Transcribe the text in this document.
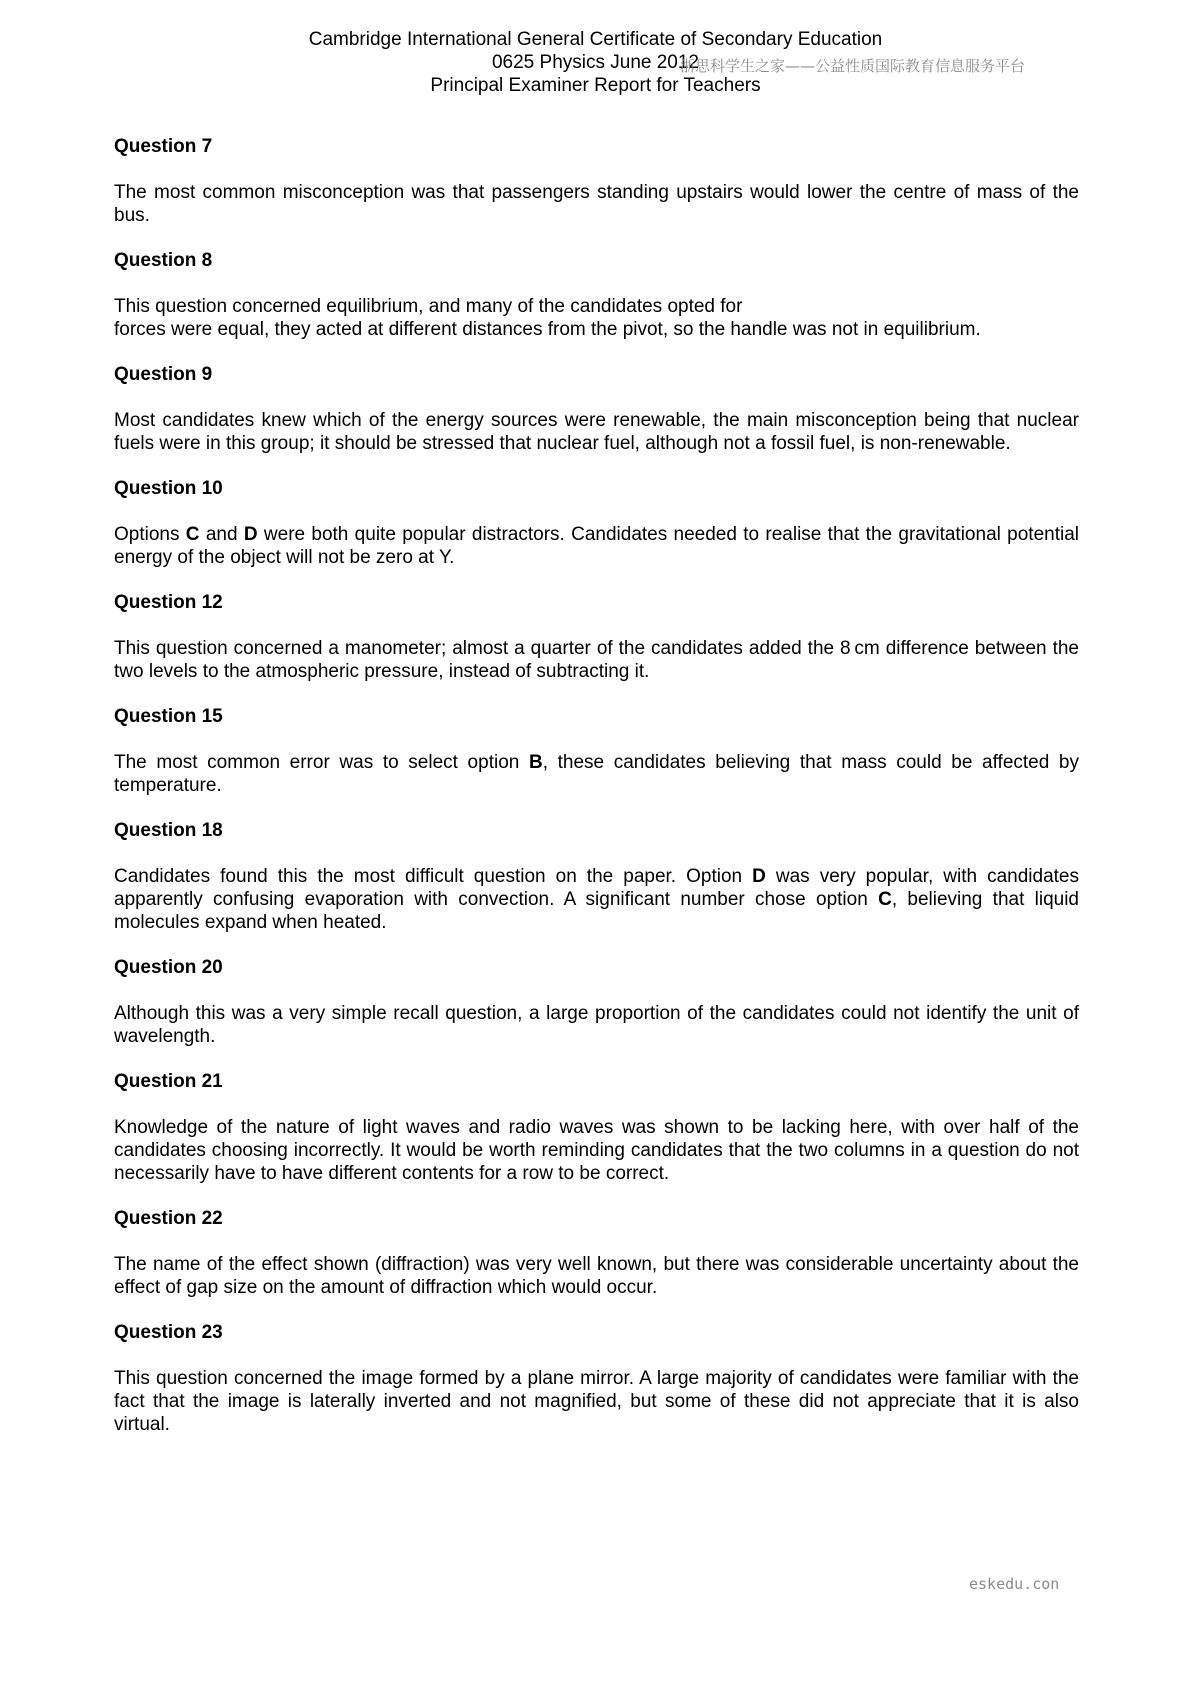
Cambridge International General Certificate of Secondary Education
0625 Physics June 2012
Principal Examiner Report for Teachers
浙思科学生之家——公益性质国际教育信息服务平台

Question 7

The most common misconception was that passengers standing upstairs would lower the centre of mass of the bus.

Question 8

This question concerned equilibrium, and many of the candidates opted for
forces were equal, they acted at different distances from the pivot, so the handle was not in equilibrium.

Question 9

Most candidates knew which of the energy sources were renewable, the main misconception being that nuclear fuels were in this group; it should be stressed that nuclear fuel, although not a fossil fuel, is non-renewable.

Question 10

Options C and D were both quite popular distractors. Candidates needed to realise that the gravitational potential energy of the object will not be zero at Y.

Question 12

This question concerned a manometer; almost a quarter of the candidates added the 8 cm difference between the two levels to the atmospheric pressure, instead of subtracting it.

Question 15

The most common error was to select option B, these candidates believing that mass could be affected by temperature.

Question 18

Candidates found this the most difficult question on the paper. Option D was very popular, with candidates apparently confusing evaporation with convection. A significant number chose option C, believing that liquid molecules expand when heated.

Question 20

Although this was a very simple recall question, a large proportion of the candidates could not identify the unit of wavelength.

Question 21

Knowledge of the nature of light waves and radio waves was shown to be lacking here, with over half of the candidates choosing incorrectly. It would be worth reminding candidates that the two columns in a question do not necessarily have to have different contents for a row to be correct.

Question 22

The name of the effect shown (diffraction) was very well known, but there was considerable uncertainty about the effect of gap size on the amount of diffraction which would occur.

Question 23

This question concerned the image formed by a plane mirror. A large majority of candidates were familiar with the fact that the image is laterally inverted and not magnified, but some of these did not appreciate that it is also virtual.

eskedu.con
